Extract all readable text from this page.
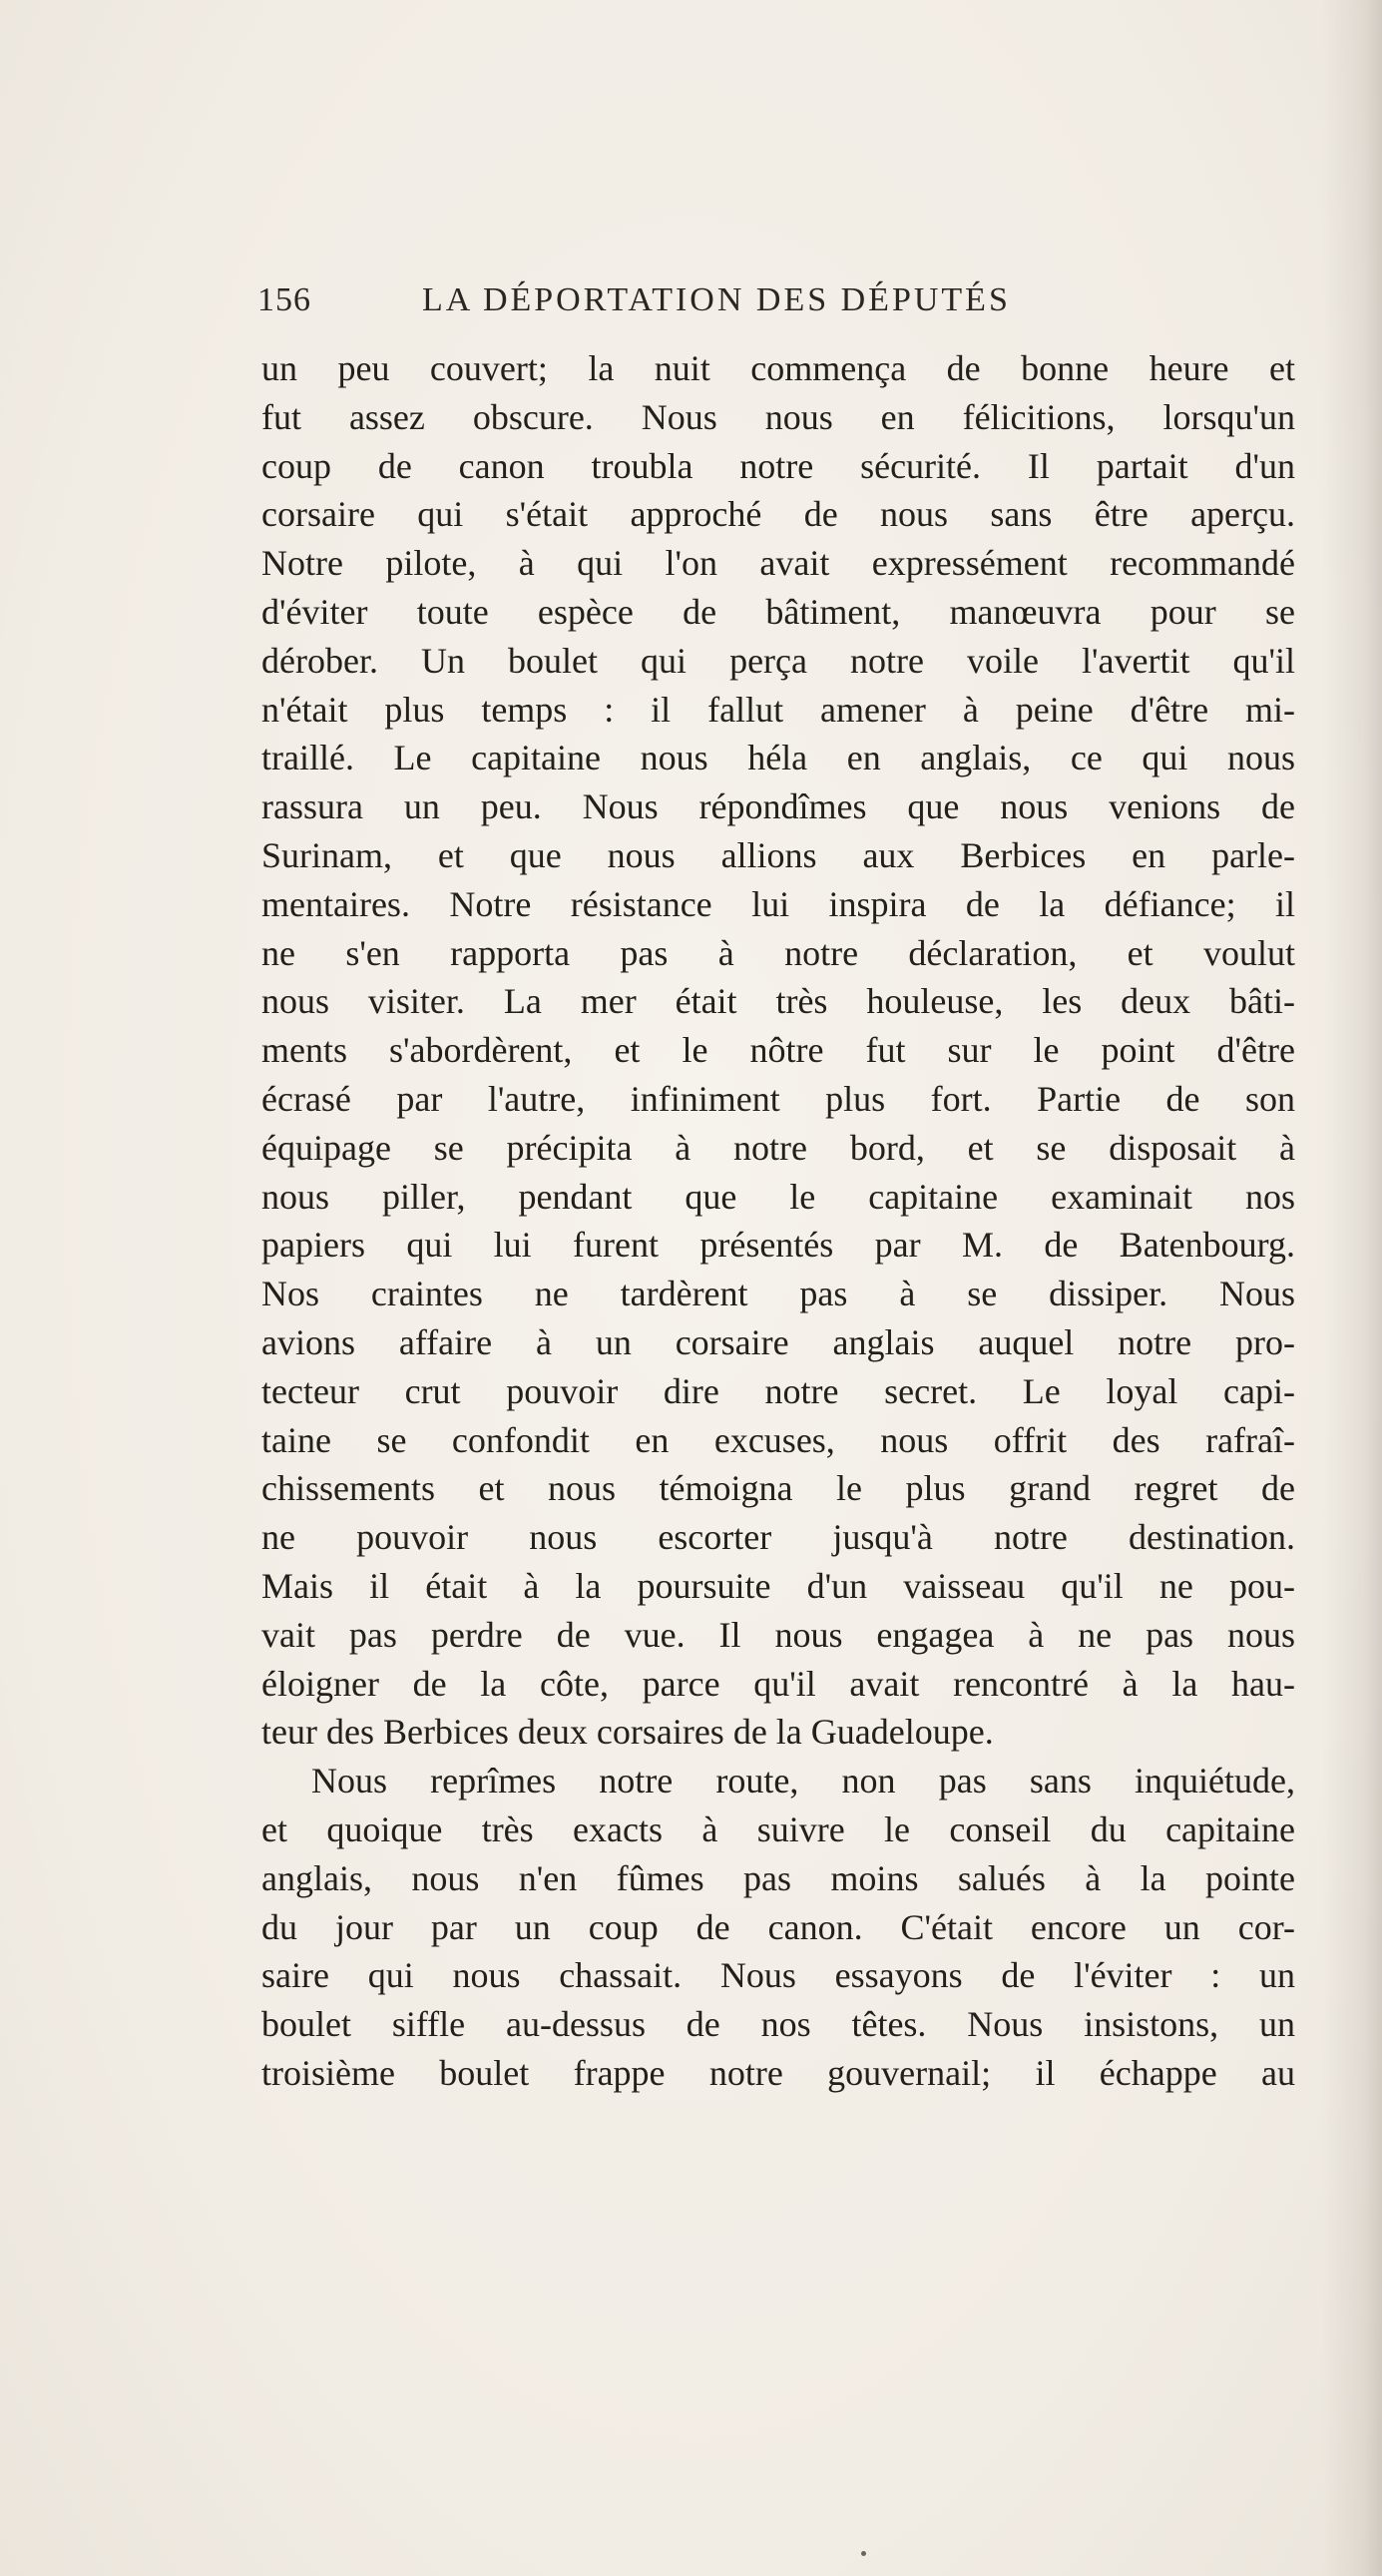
156	LA DÉPORTATION DES DÉPUTÉS
un peu couvert; la nuit commença de bonne heure et
fut assez obscure. Nous nous en félicitions, lorsqu'un
coup de canon troubla notre sécurité. Il partait d'un
corsaire qui s'était approché de nous sans être aperçu.
Notre pilote, à qui l'on avait expressément recommandé
d'éviter toute espèce de bâtiment, manœuvra pour se
dérober. Un boulet qui perça notre voile l'avertit qu'il
n'était plus temps : il fallut amener à peine d'être mi-
traillé. Le capitaine nous héla en anglais, ce qui nous
rassura un peu. Nous répondîmes que nous venions de
Surinam, et que nous allions aux Berbices en parle-
mentaires. Notre résistance lui inspira de la défiance; il
ne s'en rapporta pas à notre déclaration, et voulut
nous visiter. La mer était très houleuse, les deux bâti-
ments s'abordèrent, et le nôtre fut sur le point d'être
écrasé par l'autre, infiniment plus fort. Partie de son
équipage se précipita à notre bord, et se disposait à
nous piller, pendant que le capitaine examinait nos
papiers qui lui furent présentés par M. de Batenbourg.
Nos craintes ne tardèrent pas à se dissiper. Nous
avions affaire à un corsaire anglais auquel notre pro-
tecteur crut pouvoir dire notre secret. Le loyal capi-
taine se confondit en excuses, nous offrit des rafraî-
chissements et nous témoigna le plus grand regret de
ne pouvoir nous escorter jusqu'à notre destination.
Mais il était à la poursuite d'un vaisseau qu'il ne pou-
vait pas perdre de vue. Il nous engagea à ne pas nous
éloigner de la côte, parce qu'il avait rencontré à la hau-
teur des Berbices deux corsaires de la Guadeloupe.
Nous reprîmes notre route, non pas sans inquiétude,
et quoique très exacts à suivre le conseil du capitaine
anglais, nous n'en fûmes pas moins salués à la pointe
du jour par un coup de canon. C'était encore un cor-
saire qui nous chassait. Nous essayons de l'éviter : un
boulet siffle au-dessus de nos têtes. Nous insistons, un
troisième boulet frappe notre gouvernail; il échappe au
